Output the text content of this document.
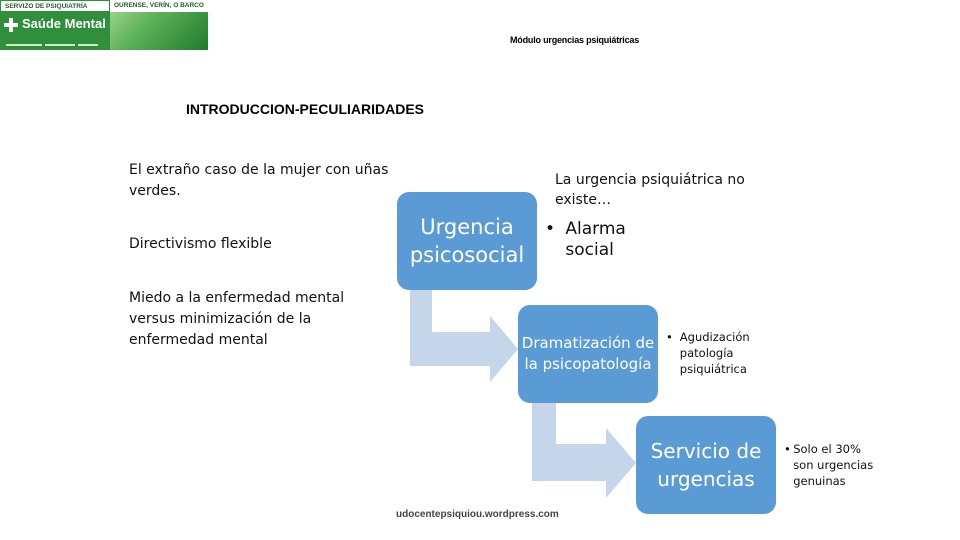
SERVIZO DE PSIQUIATRÍA	OURENSE, VERÍN, O BARCO
Saúde Mental
Módulo urgencias psiquiátricas
INTRODUCCION-PECULIARIDADES
El extraño caso de la mujer con uñas verdes.
Directivismo flexible
Miedo a la enfermedad mental versus minimización de la enfermedad mental
La urgencia psiquiátrica no existe…
Urgencia psicosocial
Dramatización de la psicopatología
Servicio de urgencias
• Alarma
social
• Agudización
patología
psiquiátrica
• Solo el 30%
son urgencias
genuinas
udocentepsiquiou.wordpress.com
